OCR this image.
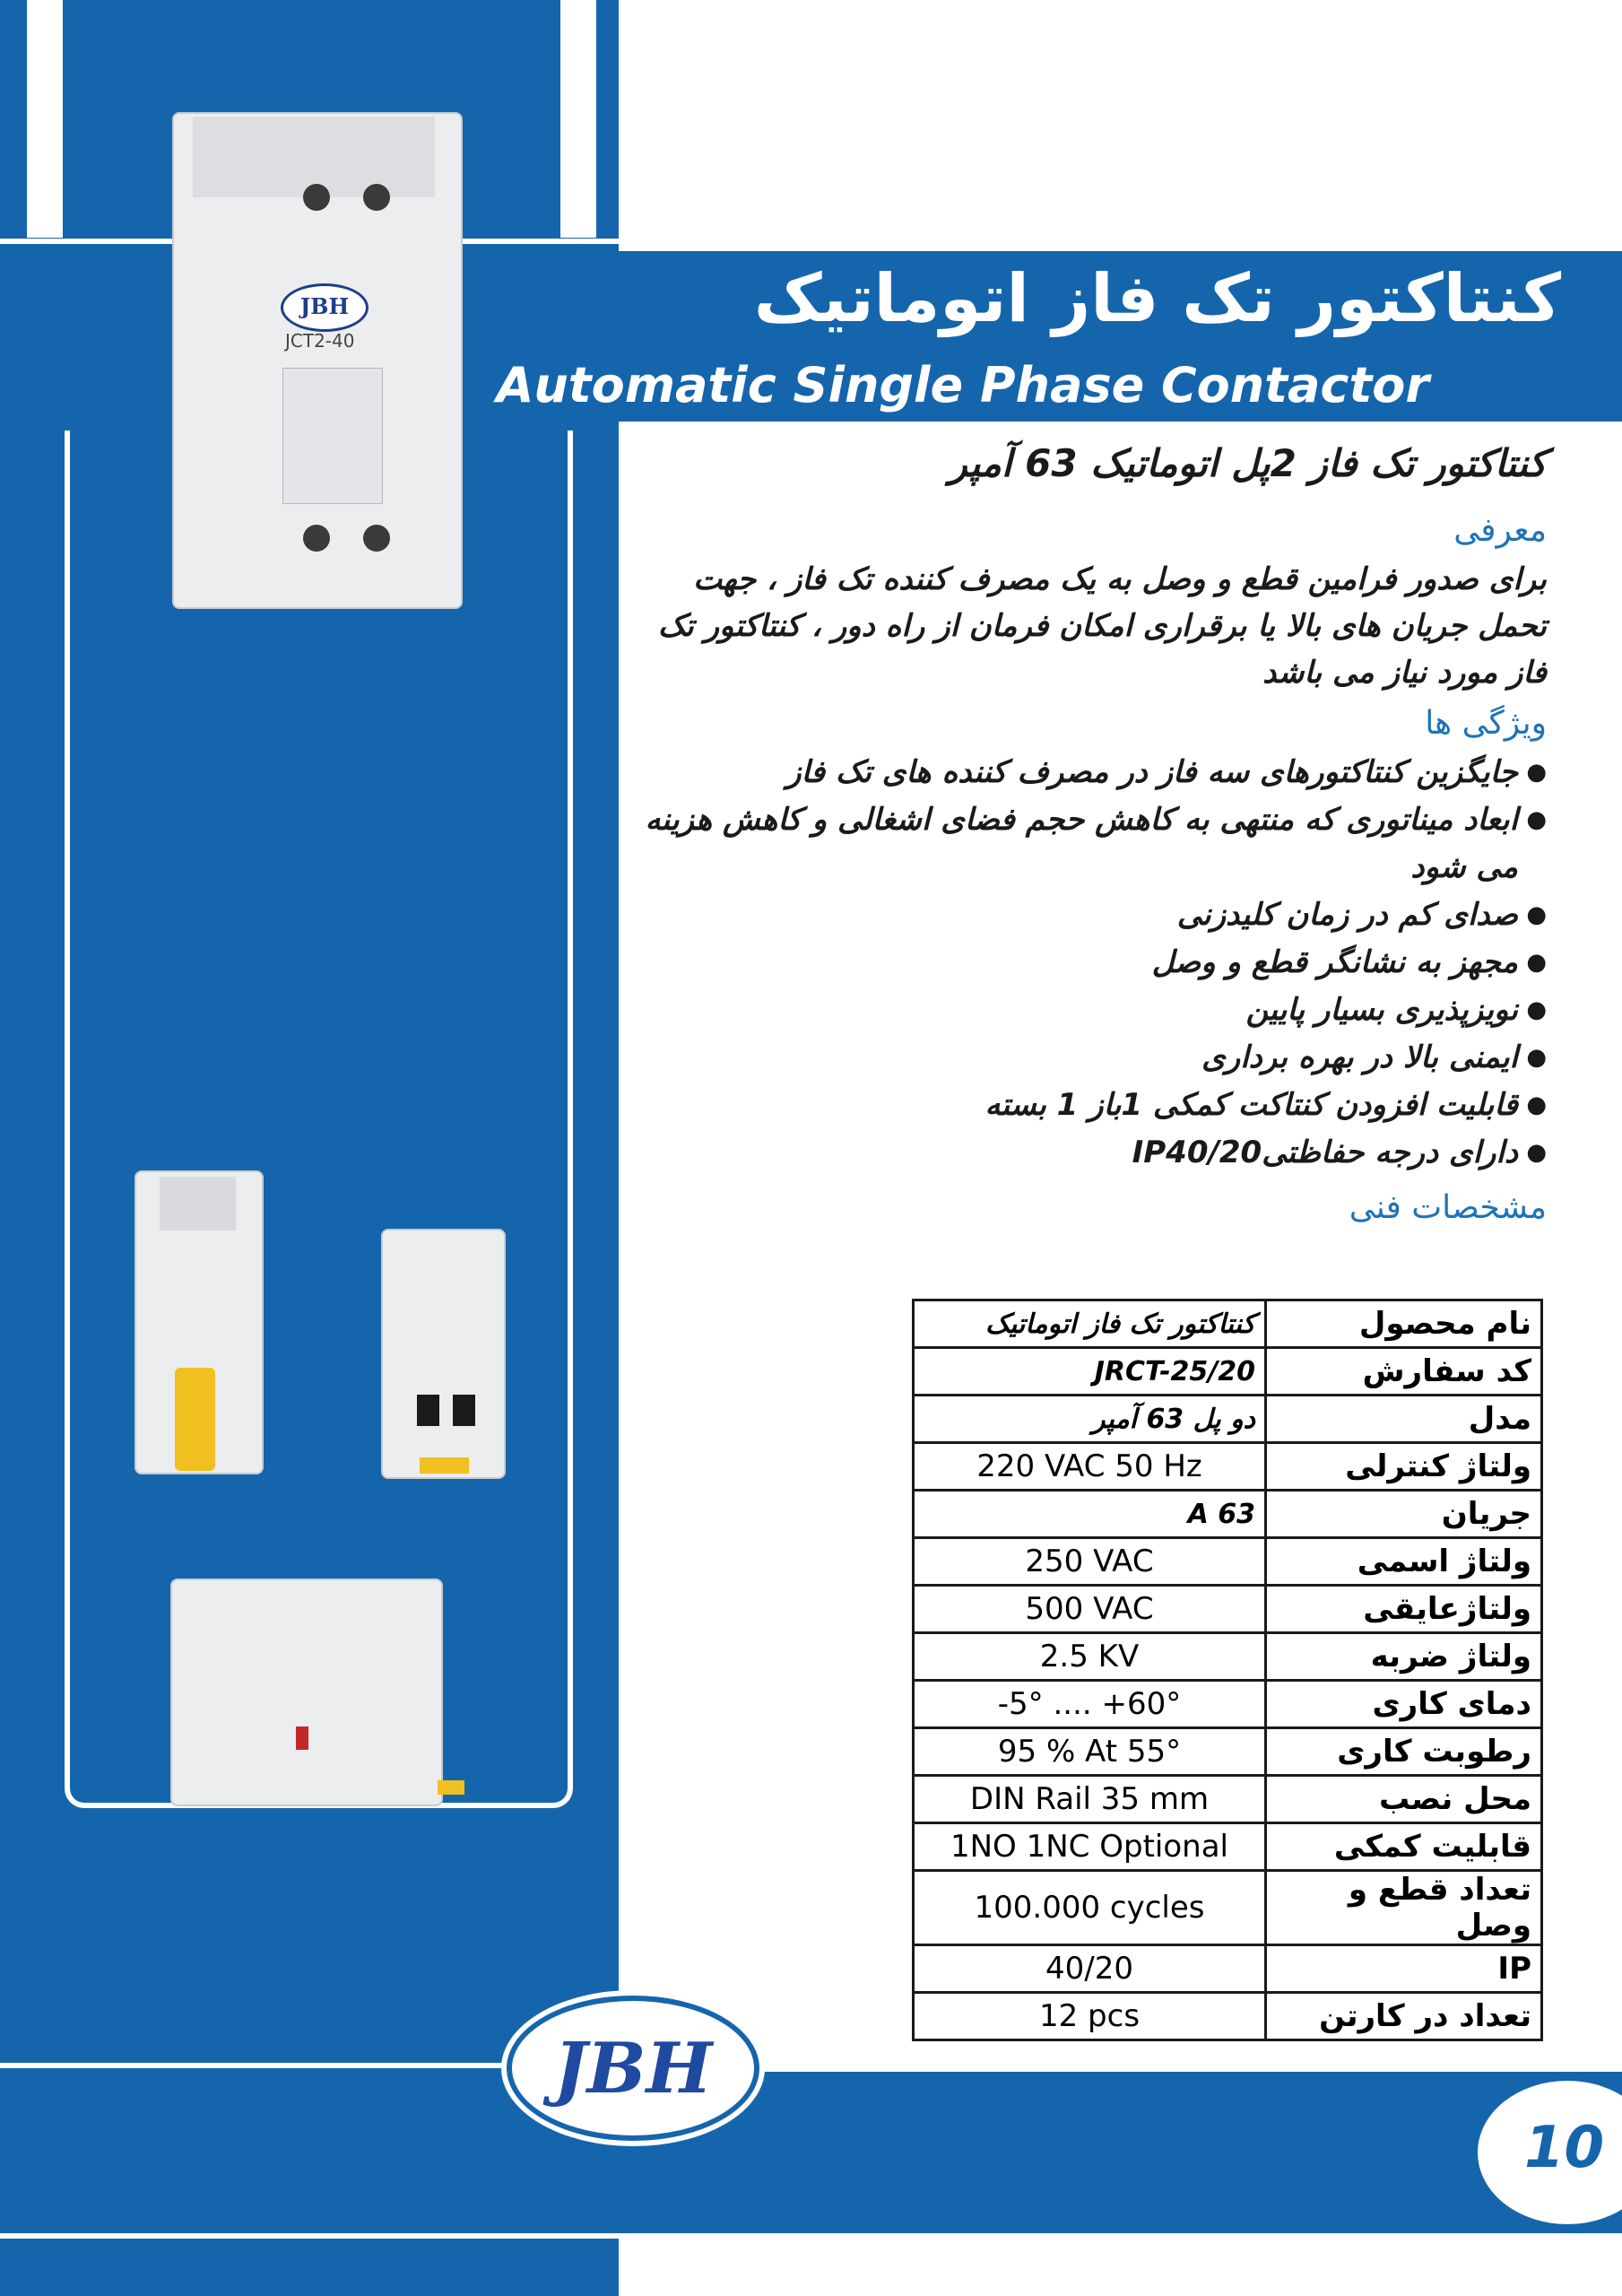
کنتاکتور تک فاز اتوماتیک
Automatic Single Phase Contactor
JBH
JCT2-40
کنتاکتور تک فاز 2پل اتوماتیک 63 آمپر
معرفی
برای صدور فرامین قطع و وصل به یک مصرف کننده تک فاز ، جهت تحمل جریان های بالا یا برقراری امکان فرمان از راه دور ، کنتاکتور تک فاز مورد نیاز می باشد
ویژگی ها
● جایگزین کنتاکتورهای سه فاز در مصرف کننده های تک فاز
● ابعاد میناتوری که منتهی به کاهش حجم فضای اشغالی و کاهش هزینه می شود
● صدای کم در زمان کلیدزنی
● مجهز به نشانگر قطع و وصل
● نویزپذیری بسیار پایین
● ایمنی بالا در بهره برداری
● قابلیت افزودن کنتاکت کمکی 1باز 1 بسته
● دارای درجه حفاظتیIP40/20
مشخصات فنی
کنتاکتور تک فاز اتوماتیک	نام محصول
JRCT-25/20	کد سفارش
دو پل 63 آمپر	مدل
220 VAC 50 Hz	ولتاژ کنترلی
63 A	جریان
250 VAC	ولتاژ اسمی
500 VAC	ولتاژعایقی
2.5 KV	ولتاژ ضربه
-5° .... +60°	دمای کاری
95 % At 55°	رطوبت کاری
DIN Rail 35 mm	محل نصب
1NO 1NC Optional	قابلیت کمکی
100.000 cycles	تعداد قطع و وصل
40/20	IP
12 pcs	تعداد در کارتن
JBH
10
